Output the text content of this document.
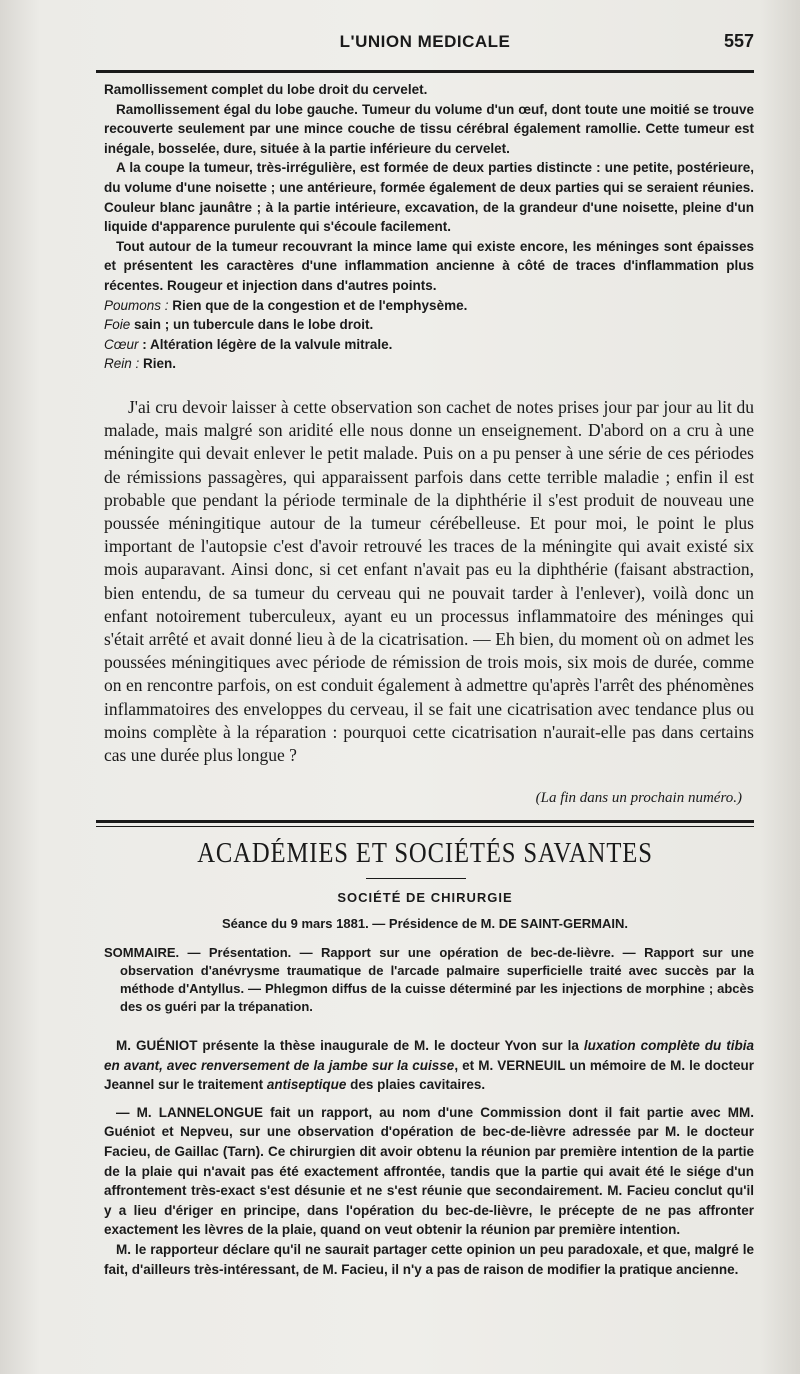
L'UNION MEDICALE	557

Ramollissement complet du lobe droit du cervelet.

Ramollissement égal du lobe gauche. Tumeur du volume d'un œuf, dont toute une moitié se trouve recouverte seulement par une mince couche de tissu cérébral également ramollie. Cette tumeur est inégale, bosselée, dure, située à la partie inférieure du cervelet.

A la coupe la tumeur, très-irrégulière, est formée de deux parties distincte : une petite, postérieure, du volume d'une noisette ; une antérieure, formée également de deux parties qui se seraient réunies. Couleur blanc jaunâtre ; à la partie intérieure, excavation, de la grandeur d'une noisette, pleine d'un liquide d'apparence purulente qui s'écoule facilement.

Tout autour de la tumeur recouvrant la mince lame qui existe encore, les méninges sont épaisses et présentent les caractères d'une inflammation ancienne à côté de traces d'inflammation plus récentes. Rougeur et injection dans d'autres points.

Poumons : Rien que de la congestion et de l'emphysème.

Foie sain ; un tubercule dans le lobe droit.

Cœur : Altération légère de la valvule mitrale.

Rein : Rien.

J'ai cru devoir laisser à cette observation son cachet de notes prises jour par jour au lit du malade, mais malgré son aridité elle nous donne un enseignement. D'abord on a cru à une méningite qui devait enlever le petit malade. Puis on a pu penser à une série de ces périodes de rémissions passagères, qui apparaissent parfois dans cette terrible maladie ; enfin il est probable que pendant la période terminale de la diphthérie il s'est produit de nouveau une poussée méningitique autour de la tumeur cérébelleuse. Et pour moi, le point le plus important de l'autopsie c'est d'avoir retrouvé les traces de la méningite qui avait existé six mois auparavant. Ainsi donc, si cet enfant n'avait pas eu la diphthérie (faisant abstraction, bien entendu, de sa tumeur du cerveau qui ne pouvait tarder à l'enlever), voilà donc un enfant notoirement tuberculeux, ayant eu un processus inflammatoire des méninges qui s'était arrêté et avait donné lieu à de la cicatrisation. — Eh bien, du moment où on admet les poussées méningitiques avec période de rémission de trois mois, six mois de durée, comme on en rencontre parfois, on est conduit également à admettre qu'après l'arrêt des phénomènes inflammatoires des enveloppes du cerveau, il se fait une cicatrisation avec tendance plus ou moins complète à la réparation : pourquoi cette cicatrisation n'aurait-elle pas dans certains cas une durée plus longue ?

(La fin dans un prochain numéro.)
ACADÉMIES ET SOCIÉTÉS SAVANTES
SOCIÉTÉ DE CHIRURGIE
Séance du 9 mars 1881. — Présidence de M. DE SAINT-GERMAIN.

SOMMAIRE. — Présentation. — Rapport sur une opération de bec-de-lièvre. — Rapport sur une observation d'anévrysme traumatique de l'arcade palmaire superficielle traité avec succès par la méthode d'Antyllus. — Phlegmon diffus de la cuisse déterminé par les injections de morphine ; abcès des os guéri par la trépanation.

M. GUÉNIOT présente la thèse inaugurale de M. le docteur Yvon sur la luxation complète du tibia en avant, avec renversement de la jambe sur la cuisse, et M. VERNEUIL un mémoire de M. le docteur Jeannel sur le traitement antiseptique des plaies cavitaires.

— M. LANNELONGUE fait un rapport, au nom d'une Commission dont il fait partie avec MM. Guéniot et Nepveu, sur une observation d'opération de bec-de-lièvre adressée par M. le docteur Facieu, de Gaillac (Tarn). Ce chirurgien dit avoir obtenu la réunion par première intention de la partie de la plaie qui n'avait pas été exactement affrontée, tandis que la partie qui avait été le siége d'un affrontement très-exact s'est désunie et ne s'est réunie que secondairement. M. Facieu conclut qu'il y a lieu d'ériger en principe, dans l'opération du bec-de-lièvre, le précepte de ne pas affronter exactement les lèvres de la plaie, quand on veut obtenir la réunion par première intention.

M. le rapporteur déclare qu'il ne saurait partager cette opinion un peu paradoxale, et que, malgré le fait, d'ailleurs très-intéressant, de M. Facieu, il n'y a pas de raison de modifier la pratique ancienne.
